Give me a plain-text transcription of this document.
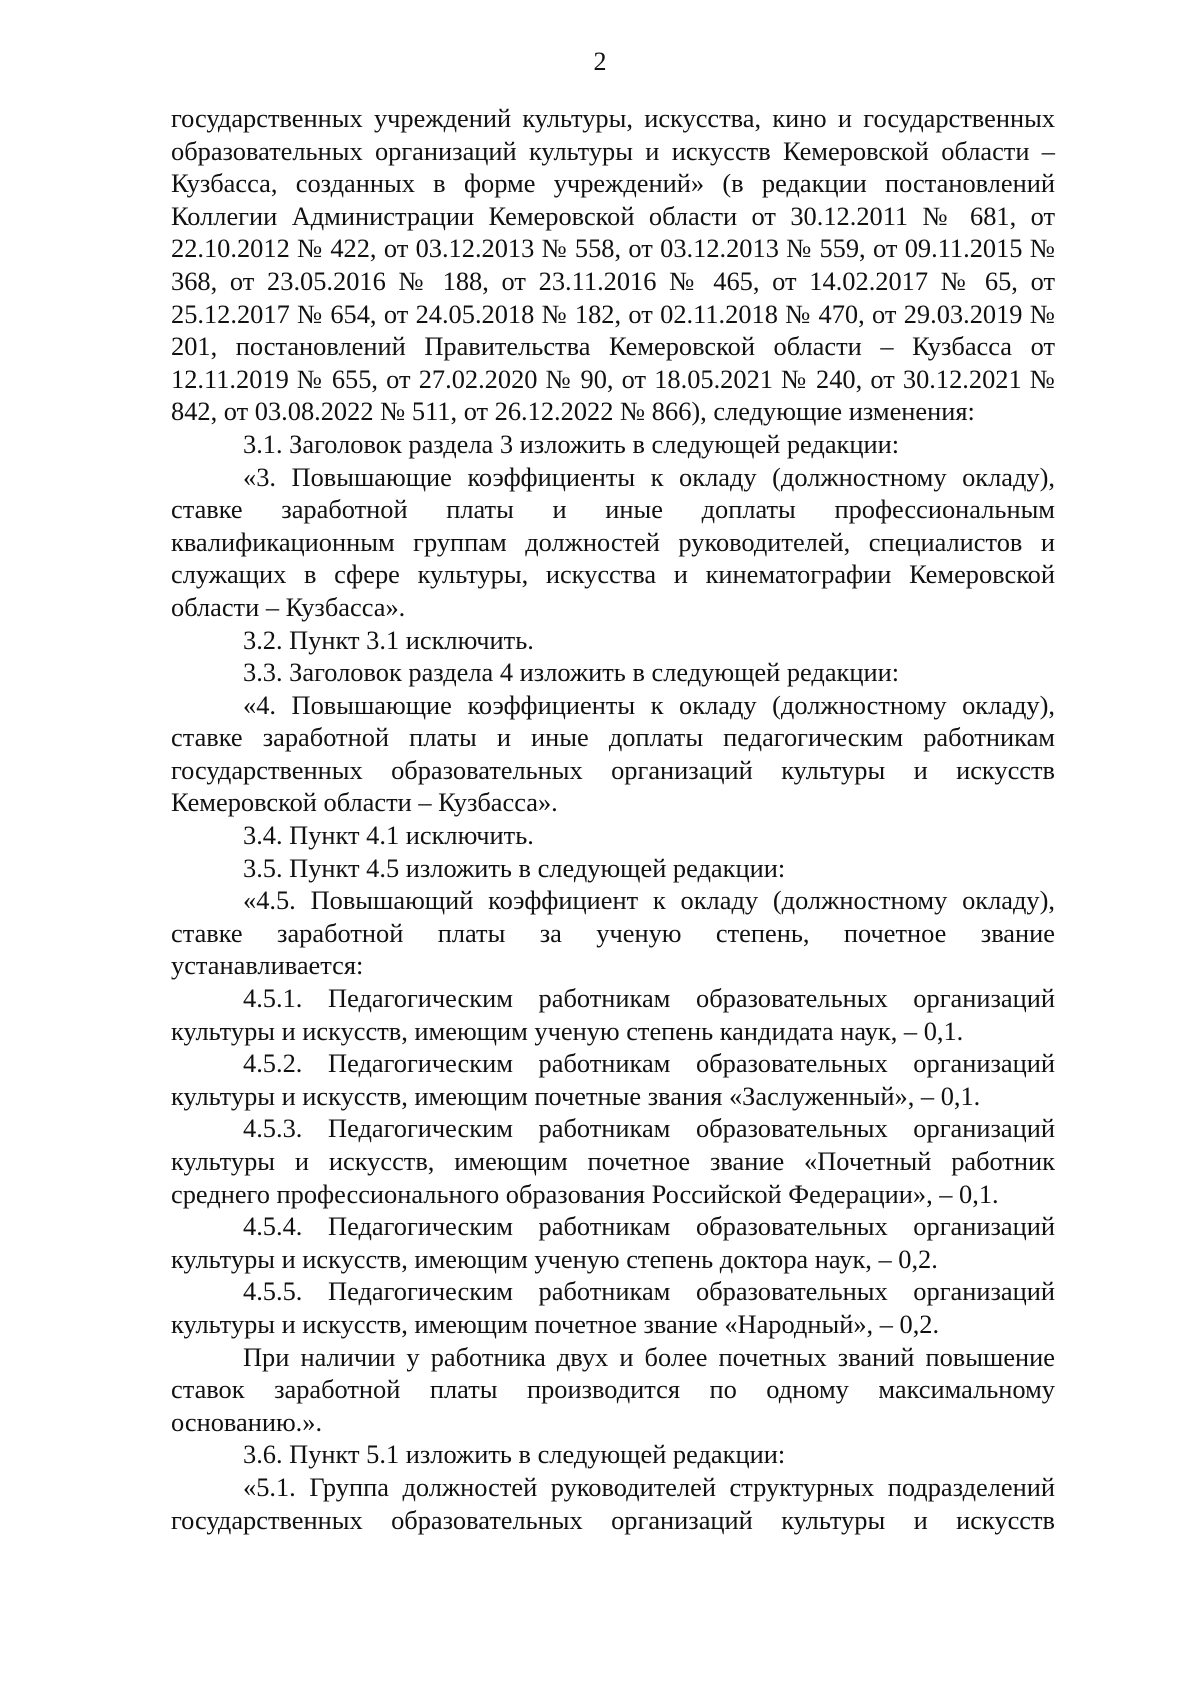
2

государственных учреждений культуры, искусства, кино и государственных образовательных организаций культуры и искусств Кемеровской области – Кузбасса, созданных в форме учреждений» (в редакции постановлений Коллегии Администрации Кемеровской области от 30.12.2011 № 681, от 22.10.2012 № 422, от 03.12.2013 № 558, от 03.12.2013 № 559, от 09.11.2015 № 368, от 23.05.2016 № 188, от 23.11.2016 № 465, от 14.02.2017 № 65, от 25.12.2017 № 654, от 24.05.2018 № 182, от 02.11.2018 № 470, от 29.03.2019 № 201, постановлений Правительства Кемеровской области – Кузбасса от 12.11.2019 № 655, от 27.02.2020 № 90, от 18.05.2021 № 240, от 30.12.2021 № 842, от 03.08.2022 № 511, от 26.12.2022 № 866), следующие изменения:

3.1. Заголовок раздела 3 изложить в следующей редакции:

«3. Повышающие коэффициенты к окладу (должностному окладу), ставке заработной платы и иные доплаты профессиональным квалификационным группам должностей руководителей, специалистов и служащих в сфере культуры, искусства и кинематографии Кемеровской области – Кузбасса».

3.2. Пункт 3.1 исключить.

3.3. Заголовок раздела 4 изложить в следующей редакции:

«4. Повышающие коэффициенты к окладу (должностному окладу), ставке заработной платы и иные доплаты педагогическим работникам государственных образовательных организаций культуры и искусств Кемеровской области – Кузбасса».

3.4. Пункт 4.1 исключить.

3.5. Пункт 4.5 изложить в следующей редакции:

«4.5. Повышающий коэффициент к окладу (должностному окладу), ставке заработной платы за ученую степень, почетное звание устанавливается:

4.5.1. Педагогическим работникам образовательных организаций культуры и искусств, имеющим ученую степень кандидата наук, – 0,1.

4.5.2. Педагогическим работникам образовательных организаций культуры и искусств, имеющим почетные звания «Заслуженный», – 0,1.

4.5.3. Педагогическим работникам образовательных организаций культуры и искусств, имеющим почетное звание «Почетный работник среднего профессионального образования Российской Федерации», – 0,1.

4.5.4. Педагогическим работникам образовательных организаций культуры и искусств, имеющим ученую степень доктора наук, – 0,2.

4.5.5. Педагогическим работникам образовательных организаций культуры и искусств, имеющим почетное звание «Народный», – 0,2.

При наличии у работника двух и более почетных званий повышение ставок заработной платы производится по одному максимальному основанию.».

3.6. Пункт 5.1 изложить в следующей редакции:

«5.1. Группа должностей руководителей структурных подразделений государственных образовательных организаций культуры и искусств
